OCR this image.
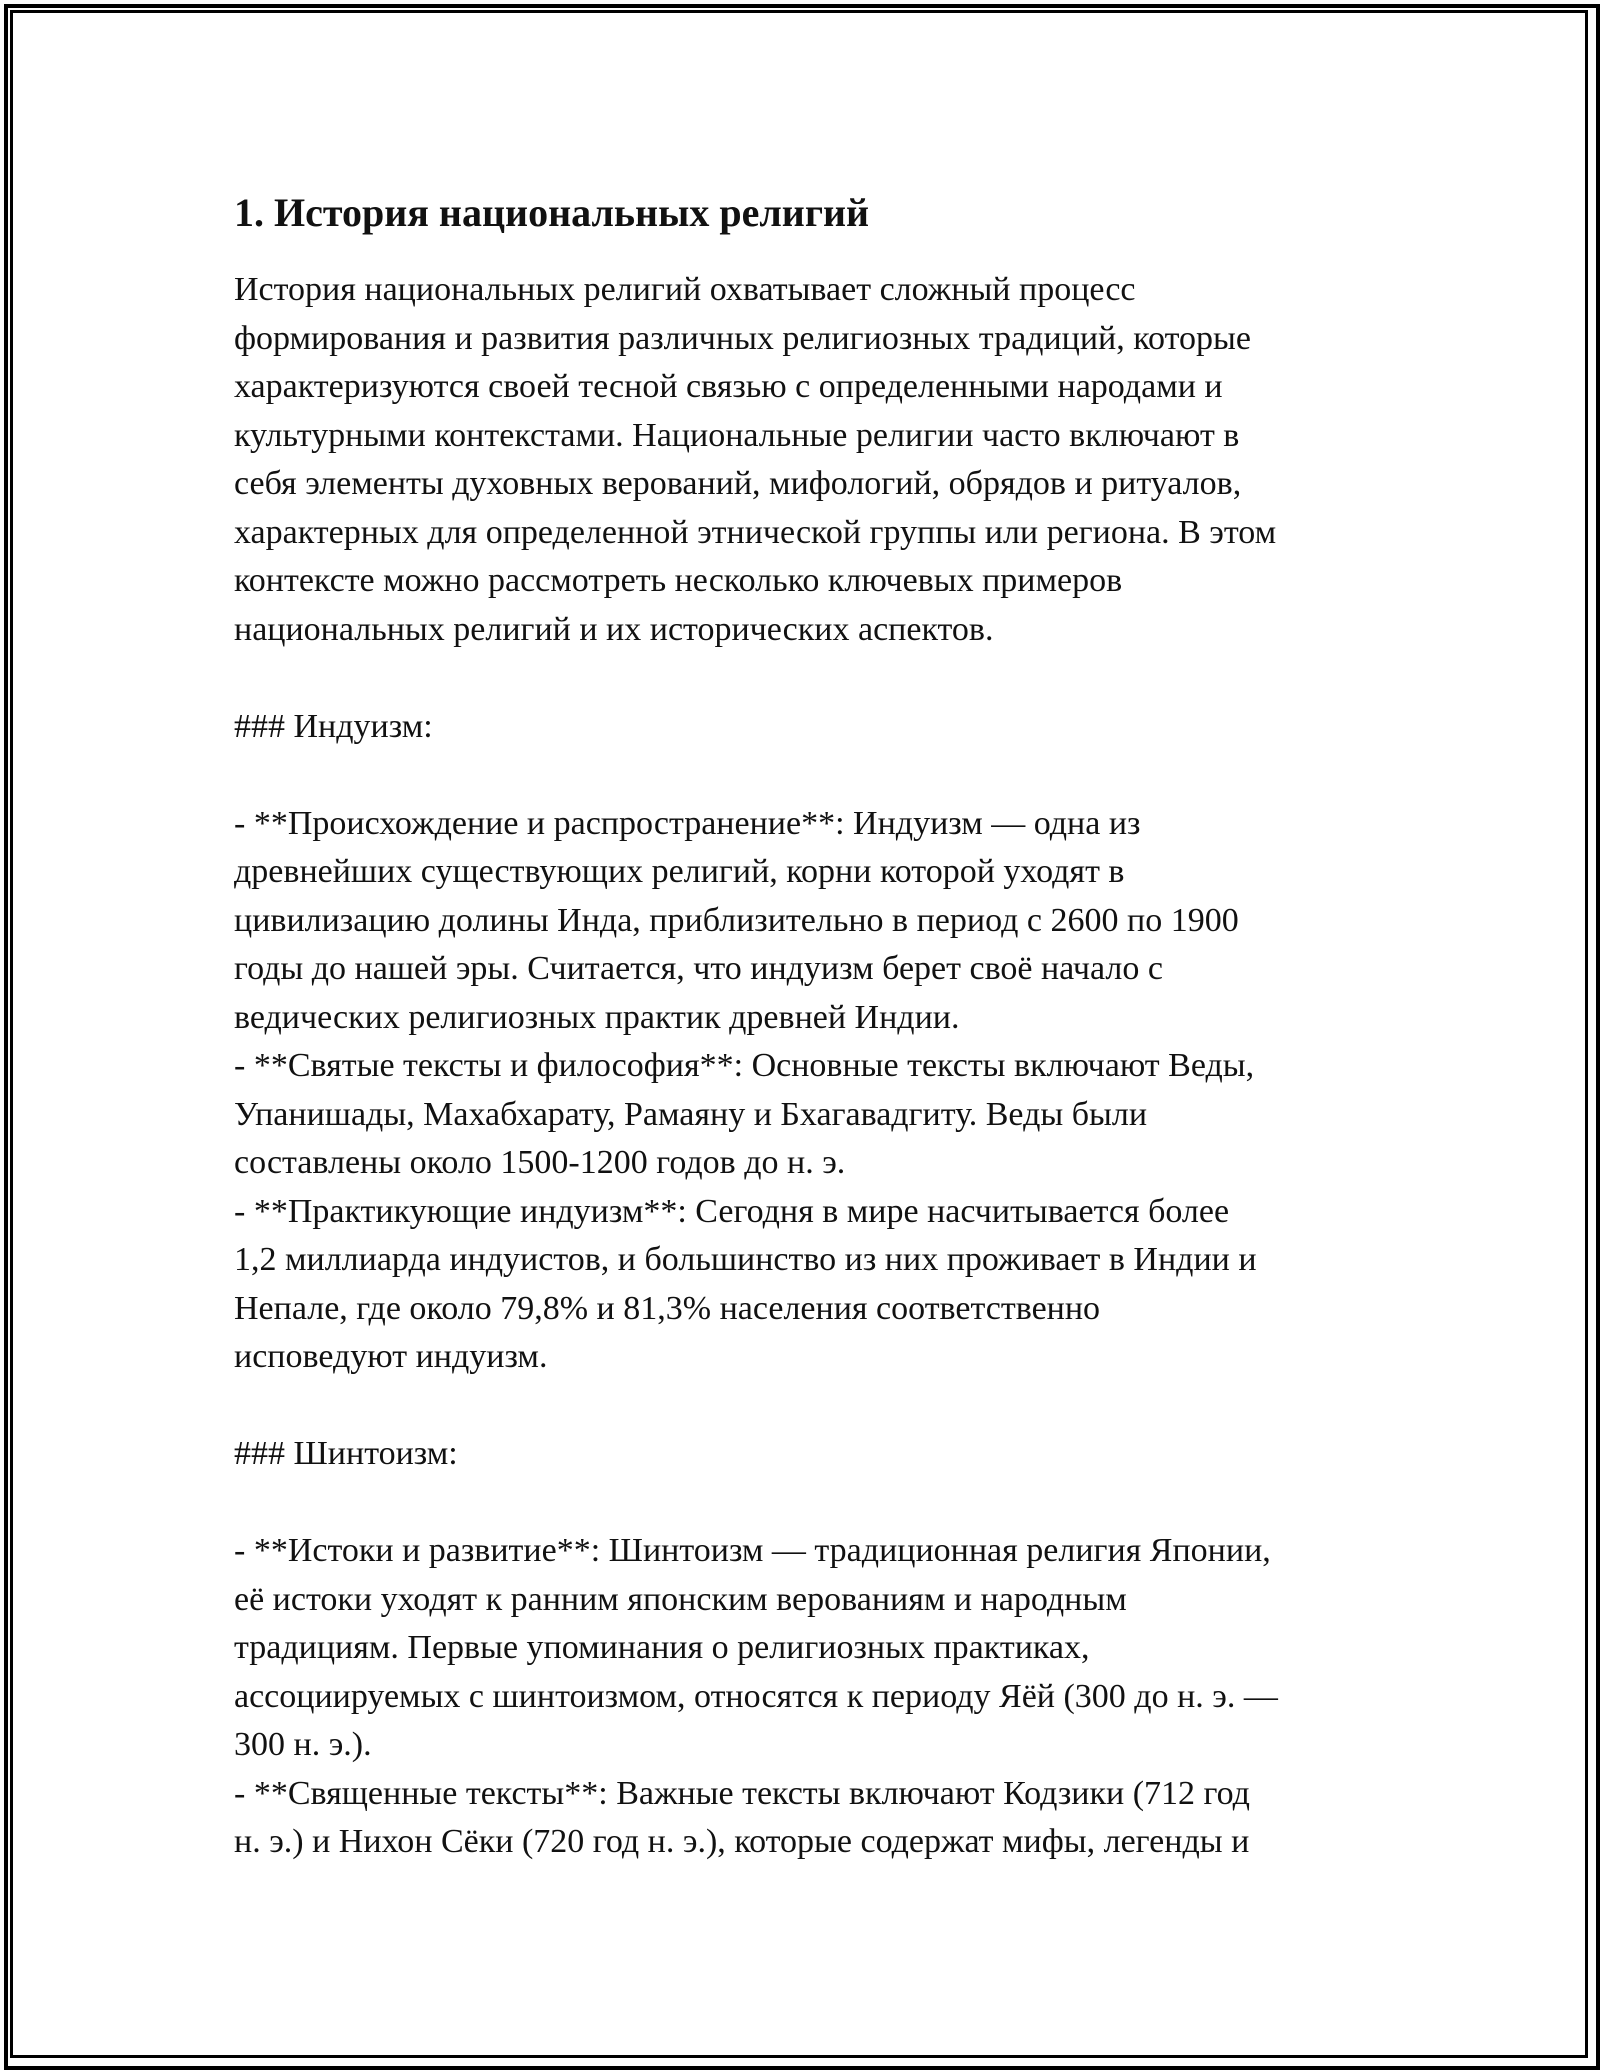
1. История национальных религий

История национальных религий охватывает сложный процесс

формирования и развития различных религиозных традиций, которые

характеризуются своей тесной связью с определенными народами и

культурными контекстами. Национальные религии часто включают в

себя элементы духовных верований, мифологий, обрядов и ритуалов,

характерных для определенной этнической группы или региона. В этом

контексте можно рассмотреть несколько ключевых примеров

национальных религий и их исторических аспектов.

### Индуизм:

- **Происхождение и распространение**: Индуизм — одна из

древнейших существующих религий, корни которой уходят в

цивилизацию долины Инда, приблизительно в период с 2600 по 1900

годы до нашей эры. Считается, что индуизм берет своё начало с

ведических религиозных практик древней Индии.

- **Святые тексты и философия**: Основные тексты включают Веды,

Упанишады, Махабхарату, Рамаяну и Бхагавадгиту. Веды были

составлены около 1500-1200 годов до н. э.

- **Практикующие индуизм**: Сегодня в мире насчитывается более

1,2 миллиарда индуистов, и большинство из них проживает в Индии и

Непале, где около 79,8% и 81,3% населения соответственно

исповедуют индуизм.

### Шинтоизм:

- **Истоки и развитие**: Шинтоизм — традиционная религия Японии,

её истоки уходят к ранним японским верованиям и народным

традициям. Первые упоминания о религиозных практиках,

ассоциируемых с шинтоизмом, относятся к периоду Яёй (300 до н. э. —

300 н. э.).

- **Священные тексты**: Важные тексты включают Кодзики (712 год

н. э.) и Нихон Сёки (720 год н. э.), которые содержат мифы, легенды и
